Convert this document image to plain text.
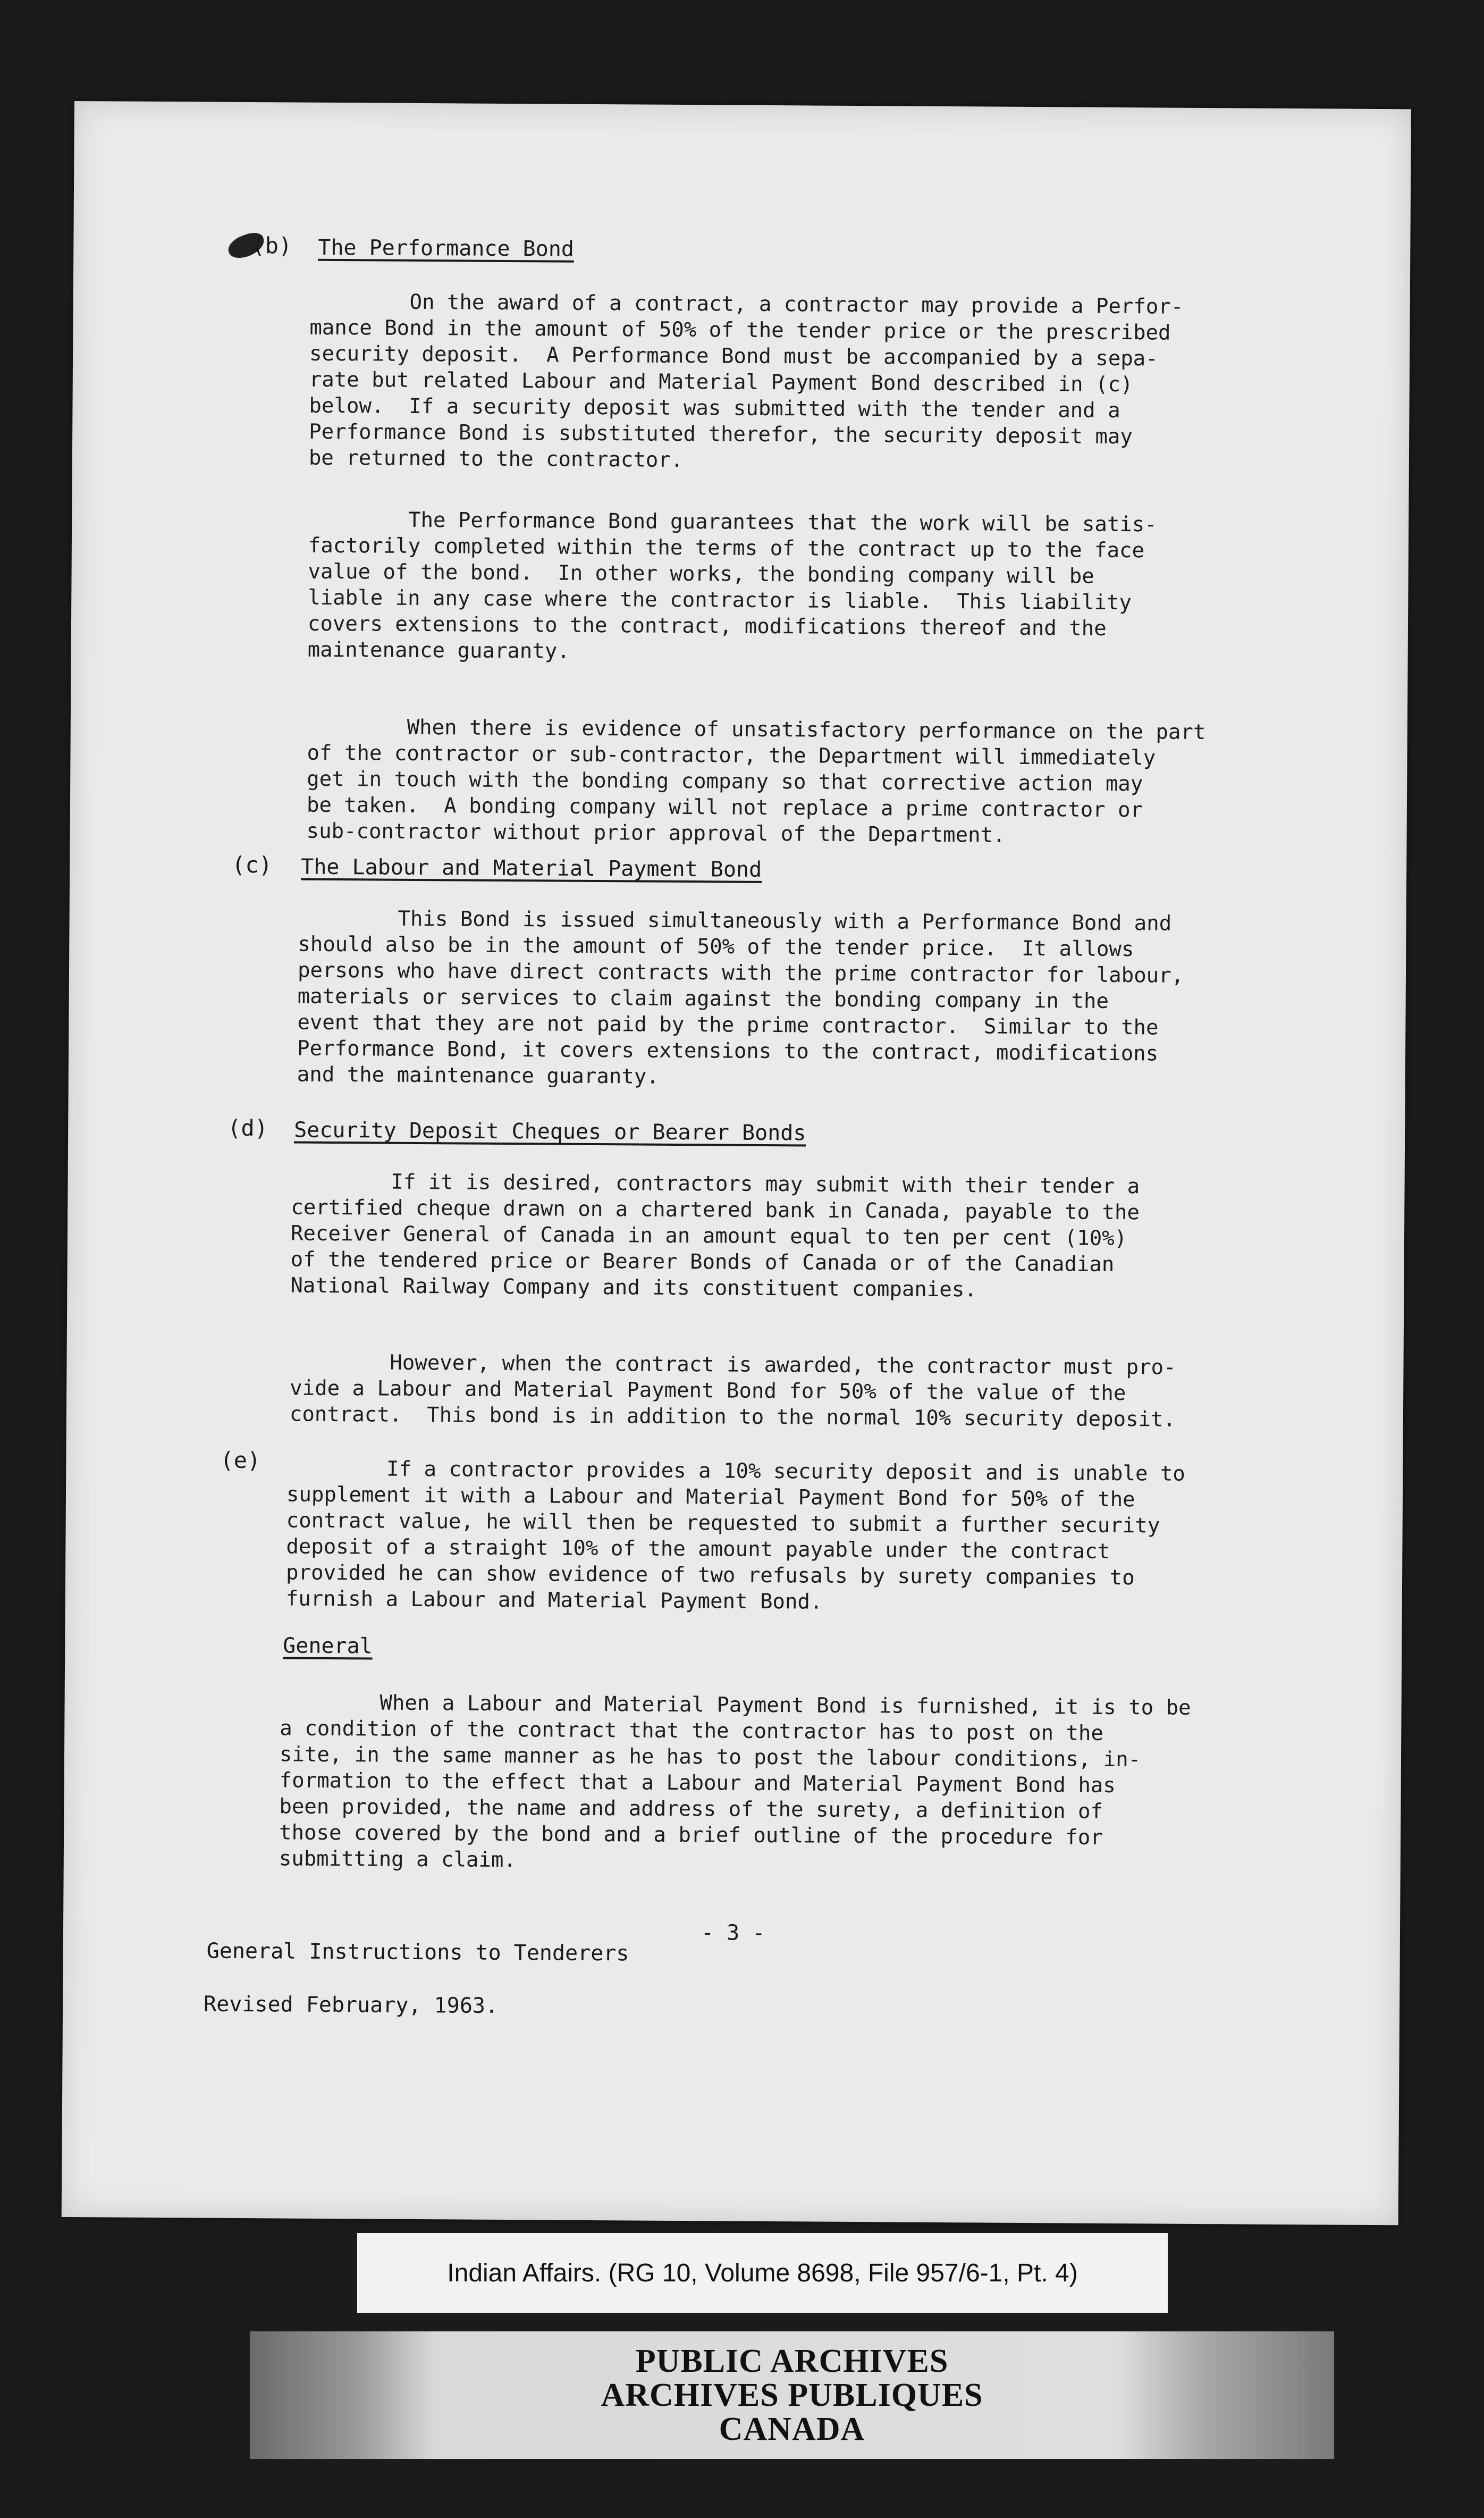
(b) The Performance Bond
On the award of a contract, a contractor may provide a Perfor-
mance Bond in the amount of 50% of the tender price or the prescribed
security deposit.  A Performance Bond must be accompanied by a sepa-
rate but related Labour and Material Payment Bond described in (c)
below.  If a security deposit was submitted with the tender and a
Performance Bond is substituted therefor, the security deposit may
be returned to the contractor.
The Performance Bond guarantees that the work will be satis-
factorily completed within the terms of the contract up to the face
value of the bond.  In other works, the bonding company will be
liable in any case where the contractor is liable.  This liability
covers extensions to the contract, modifications thereof and the
maintenance guaranty.
When there is evidence of unsatisfactory performance on the part
of the contractor or sub-contractor, the Department will immediately
get in touch with the bonding company so that corrective action may
be taken.  A bonding company will not replace a prime contractor or
sub-contractor without prior approval of the Department.
(c) The Labour and Material Payment Bond
This Bond is issued simultaneously with a Performance Bond and
should also be in the amount of 50% of the tender price.  It allows
persons who have direct contracts with the prime contractor for labour,
materials or services to claim against the bonding company in the
event that they are not paid by the prime contractor.  Similar to the
Performance Bond, it covers extensions to the contract, modifications
and the maintenance guaranty.
(d) Security Deposit Cheques or Bearer Bonds
If it is desired, contractors may submit with their tender a
certified cheque drawn on a chartered bank in Canada, payable to the
Receiver General of Canada in an amount equal to ten per cent (10%)
of the tendered price or Bearer Bonds of Canada or of the Canadian
National Railway Company and its constituent companies.
However, when the contract is awarded, the contractor must pro-
vide a Labour and Material Payment Bond for 50% of the value of the
contract.  This bond is in addition to the normal 10% security deposit.
(e) If a contractor provides a 10% security deposit and is unable to
supplement it with a Labour and Material Payment Bond for 50% of the
contract value, he will then be requested to submit a further security
deposit of a straight 10% of the amount payable under the contract
provided he can show evidence of two refusals by surety companies to
furnish a Labour and Material Payment Bond.
General
When a Labour and Material Payment Bond is furnished, it is to be
a condition of the contract that the contractor has to post on the
site, in the same manner as he has to post the labour conditions, in-
formation to the effect that a Labour and Material Payment Bond has
been provided, the name and address of the surety, a definition of
those covered by the bond and a brief outline of the procedure for
submitting a claim.
- 3 -
General Instructions to Tenderers
Revised February, 1963.
Indian Affairs. (RG 10, Volume 8698, File 957/6-1, Pt. 4)
PUBLIC ARCHIVES
ARCHIVES PUBLIQUES
CANADA
